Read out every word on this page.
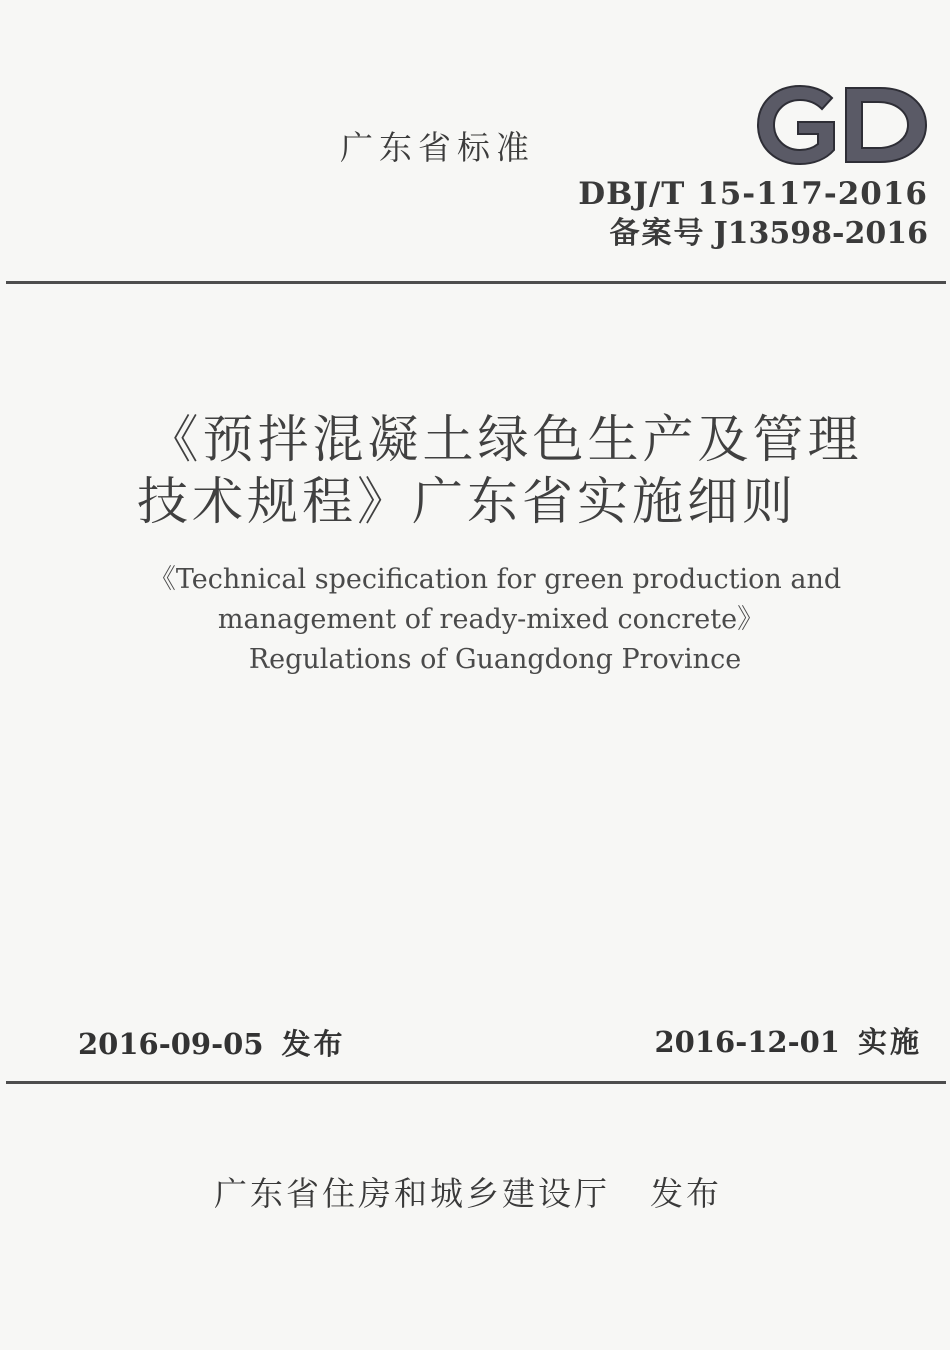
广东省标准
DBJ/T 15-117-2016
备案号 J13598-2016
《预拌混凝土绿色生产及管理
技术规程》广东省实施细则
《Technical specification for green production and
management of ready-mixed concrete》
Regulations of Guangdong Province
2016-09-05 发布	2016-12-01 实施
广东省住房和城乡建设厅 发布
